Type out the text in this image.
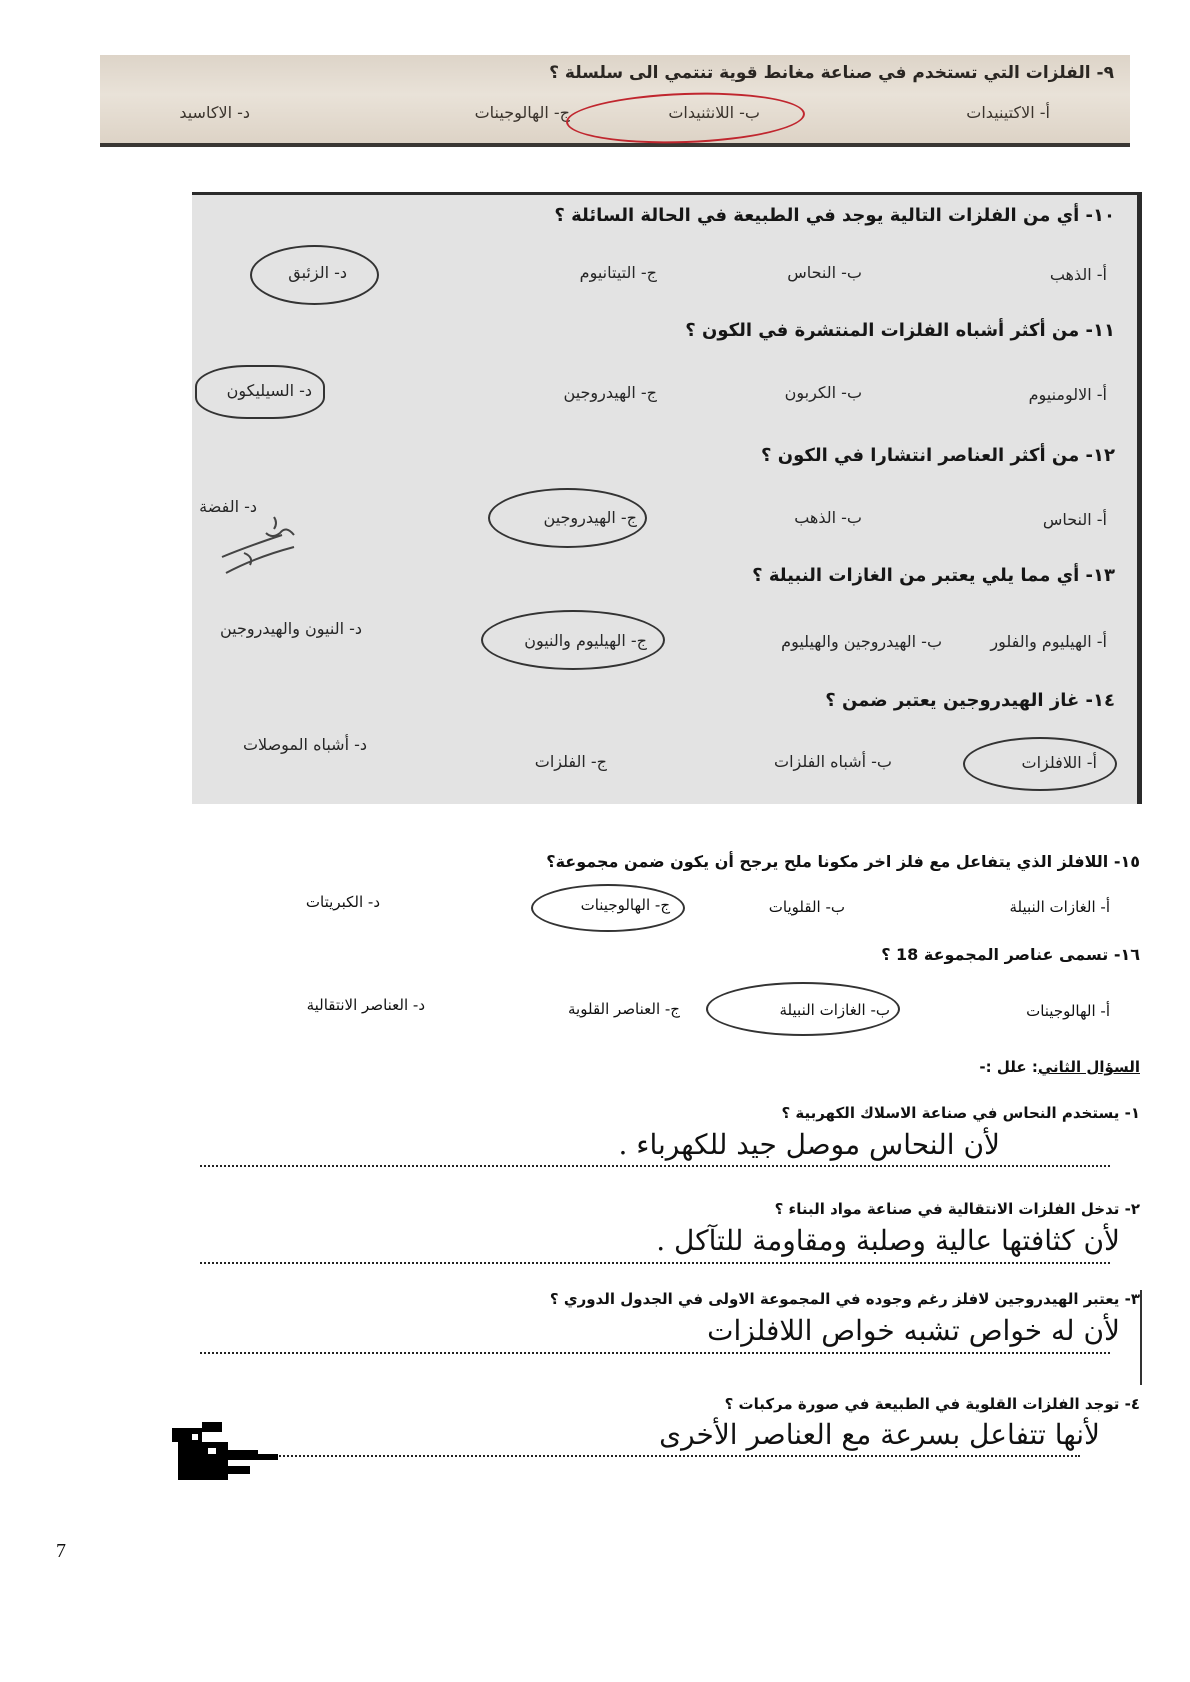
٩- الفلزات التي تستخدم في صناعة مغانط قوية تنتمي الى سلسلة ؟
أ- الاكتينيدات
ب- اللانثنيدات
ج- الهالوجينات
د- الاكاسيد
١٠- أي من الفلزات التالية يوجد في الطبيعة في الحالة السائلة ؟
أ- الذهب
ب- النحاس
ج- التيتانيوم
د- الزئبق
١١- من أكثر أشباه الفلزات المنتشرة في الكون ؟
أ- الالومنيوم
ب- الكربون
ج- الهيدروجين
د- السيليكون
١٢- من أكثر العناصر انتشارا في الكون ؟
أ- النحاس
ب- الذهب
ج- الهيدروجين
د- الفضة
١٣- أي مما يلي يعتبر من الغازات النبيلة ؟
أ- الهيليوم والفلور
ب- الهيدروجين والهيليوم
ج- الهيليوم والنيون
د- النيون والهيدروجين
١٤- غاز الهيدروجين يعتبر ضمن ؟
أ- اللافلزات
ب- أشباه الفلزات
ج- الفلزات
د- أشباه الموصلات
١٥- اللافلز الذي يتفاعل مع فلز اخر مكونا ملح يرجح أن يكون ضمن مجموعة؟
أ- الغازات النبيلة
ب- القلويات
ج- الهالوجينات
د- الكبريتات
١٦- تسمى عناصر المجموعة 18 ؟
أ- الهالوجينات
ب- الغازات النبيلة
ج- العناصر القلوية
د- العناصر الانتقالية
السؤال الثاني: علل :-
١- يستخدم النحاس في صناعة الاسلاك الكهربية ؟
لأن النحاس موصل جيد للكهرباء .
٢- تدخل الفلزات الانتقالية في صناعة مواد البناء ؟
لأن كثافتها عالية وصلبة ومقاومة للتآكل .
٣- يعتبر الهيدروجين لافلز رغم وجوده في المجموعة الاولى في الجدول الدوري ؟
لأن له خواص تشبه خواص اللافلزات
٤- توجد الفلزات القلوية في الطبيعة في صورة مركبات ؟
لأنها تتفاعل بسرعة مع العناصر الأخرى
7
